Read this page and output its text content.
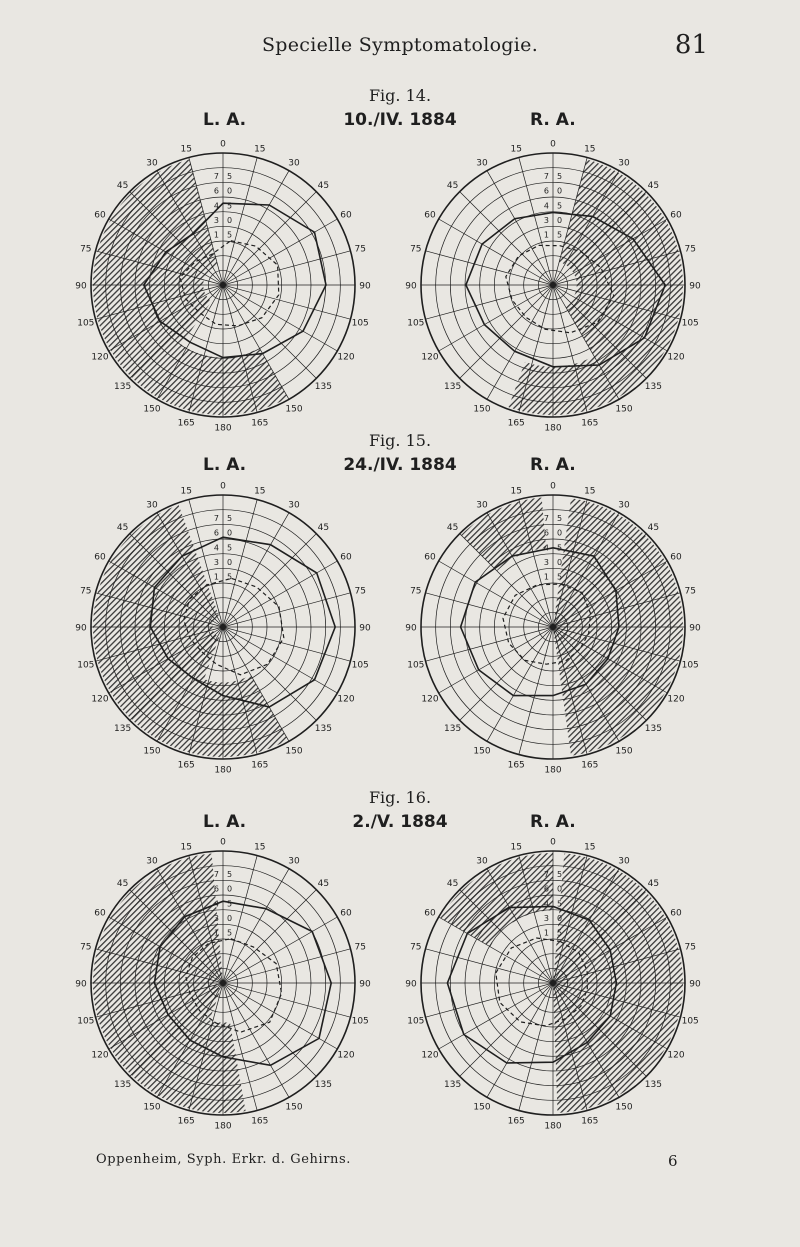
Specielle Symptomatologie.	81
Fig. 14.
L. A.	10./IV. 1884	R. A.
Fig. 15.
L. A.	24./IV. 1884	R. A.
Fig. 16.
L. A.	2./V. 1884	R. A.
0	15
30
45
60
75
90
105
120
135
150
165
180
165
150
135
120
105
90
75
60
45
30
15
7 5
6 0
4 5
3 0
1 5
0	15
30
45
60
75
90
105
120
135
150
165
180
165
150
135
120
105
90
75
60
45
30
15
7 5
6 0
4 5
3 0
1 5
0	15
30
45
60
75
90
105
120
135
150
165
180
165
150
135
120
105
90
75
60
45
30
15
7 5
6 0
4 5
3 0
1 5
0	15
30
45
60
75
90
105
120
135
150
165
180
165
150
135
120
105
90
75
60
45
30
15
7 5
6 0
4 5
3 0
1 5
0	15
30
45
60
75
90
105
120
135
150
165
180
165
150
135
120
105
90
75
60
45
30
15
7 5
6 0
4 5
3 0
1 5
0	15
30
45
60
75
90
105
120
135
150
165
180
165
150
135
120
105
90
75
60
45
30
15
7 5
6 0
4 5
3 0
1 5
Oppenheim, Syph. Erkr. d. Gehirns.	6
